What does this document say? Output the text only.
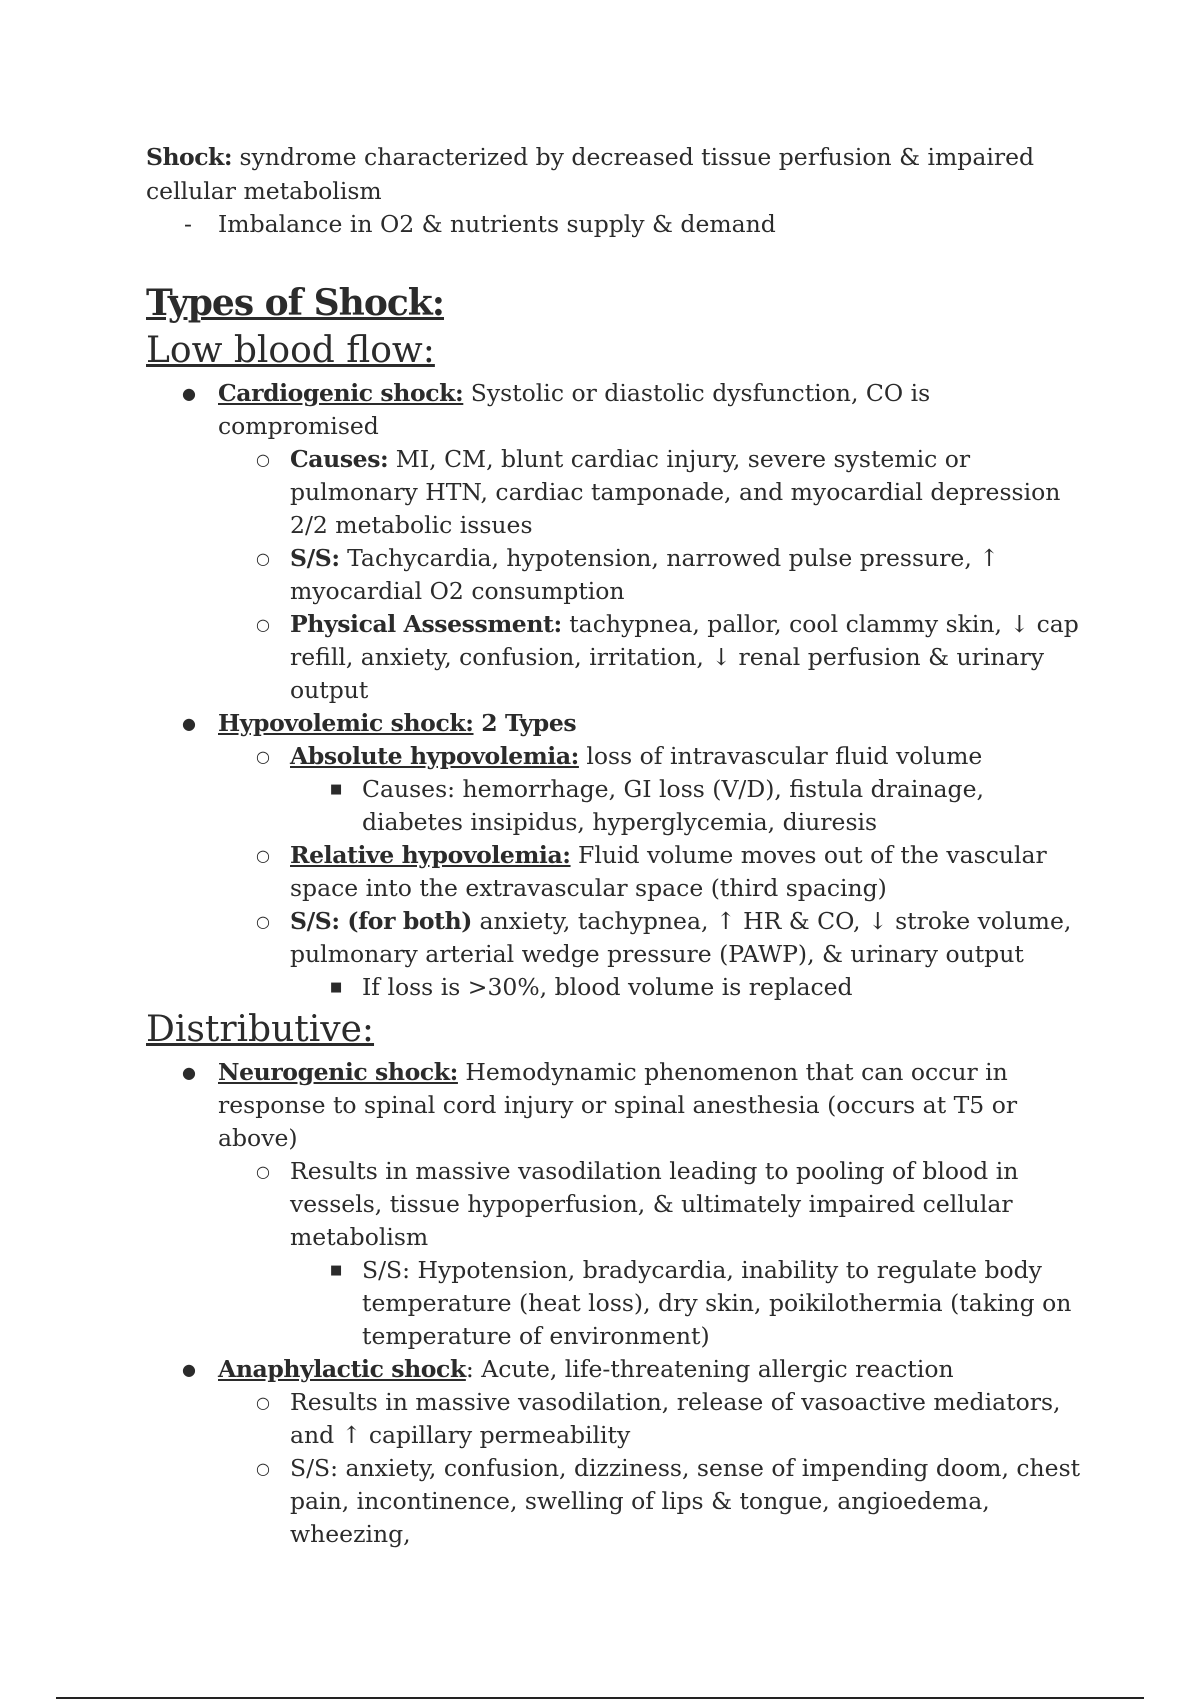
Shock: syndrome characterized by decreased tissue perfusion & impaired cellular metabolism

- Imbalance in O2 & nutrients supply & demand
Types of Shock:
Low blood flow:
● Cardiogenic shock: Systolic or diastolic dysfunction, CO is compromised
○ Causes: MI, CM, blunt cardiac injury, severe systemic or pulmonary HTN, cardiac tamponade, and myocardial depression 2/2 metabolic issues
○ S/S: Tachycardia, hypotension, narrowed pulse pressure, ↑ myocardial O2 consumption
○ Physical Assessment: tachypnea, pallor, cool clammy skin, ↓ cap refill, anxiety, confusion, irritation, ↓ renal perfusion & urinary output
● Hypovolemic shock: 2 Types
○ Absolute hypovolemia: loss of intravascular fluid volume
■ Causes: hemorrhage, GI loss (V/D), fistula drainage, diabetes insipidus, hyperglycemia, diuresis
○ Relative hypovolemia: Fluid volume moves out of the vascular space into the extravascular space (third spacing)
○ S/S: (for both) anxiety, tachypnea, ↑ HR & CO, ↓ stroke volume, pulmonary arterial wedge pressure (PAWP), & urinary output
■ If loss is >30%, blood volume is replaced
Distributive:
● Neurogenic shock: Hemodynamic phenomenon that can occur in response to spinal cord injury or spinal anesthesia (occurs at T5 or above)
○ Results in massive vasodilation leading to pooling of blood in vessels, tissue hypoperfusion, & ultimately impaired cellular metabolism
■ S/S: Hypotension, bradycardia, inability to regulate body temperature (heat loss), dry skin, poikilothermia (taking on temperature of environment)
● Anaphylactic shock: Acute, life-threatening allergic reaction
○ Results in massive vasodilation, release of vasoactive mediators, and ↑ capillary permeability
○ S/S: anxiety, confusion, dizziness, sense of impending doom, chest pain, incontinence, swelling of lips & tongue, angioedema, wheezing,
